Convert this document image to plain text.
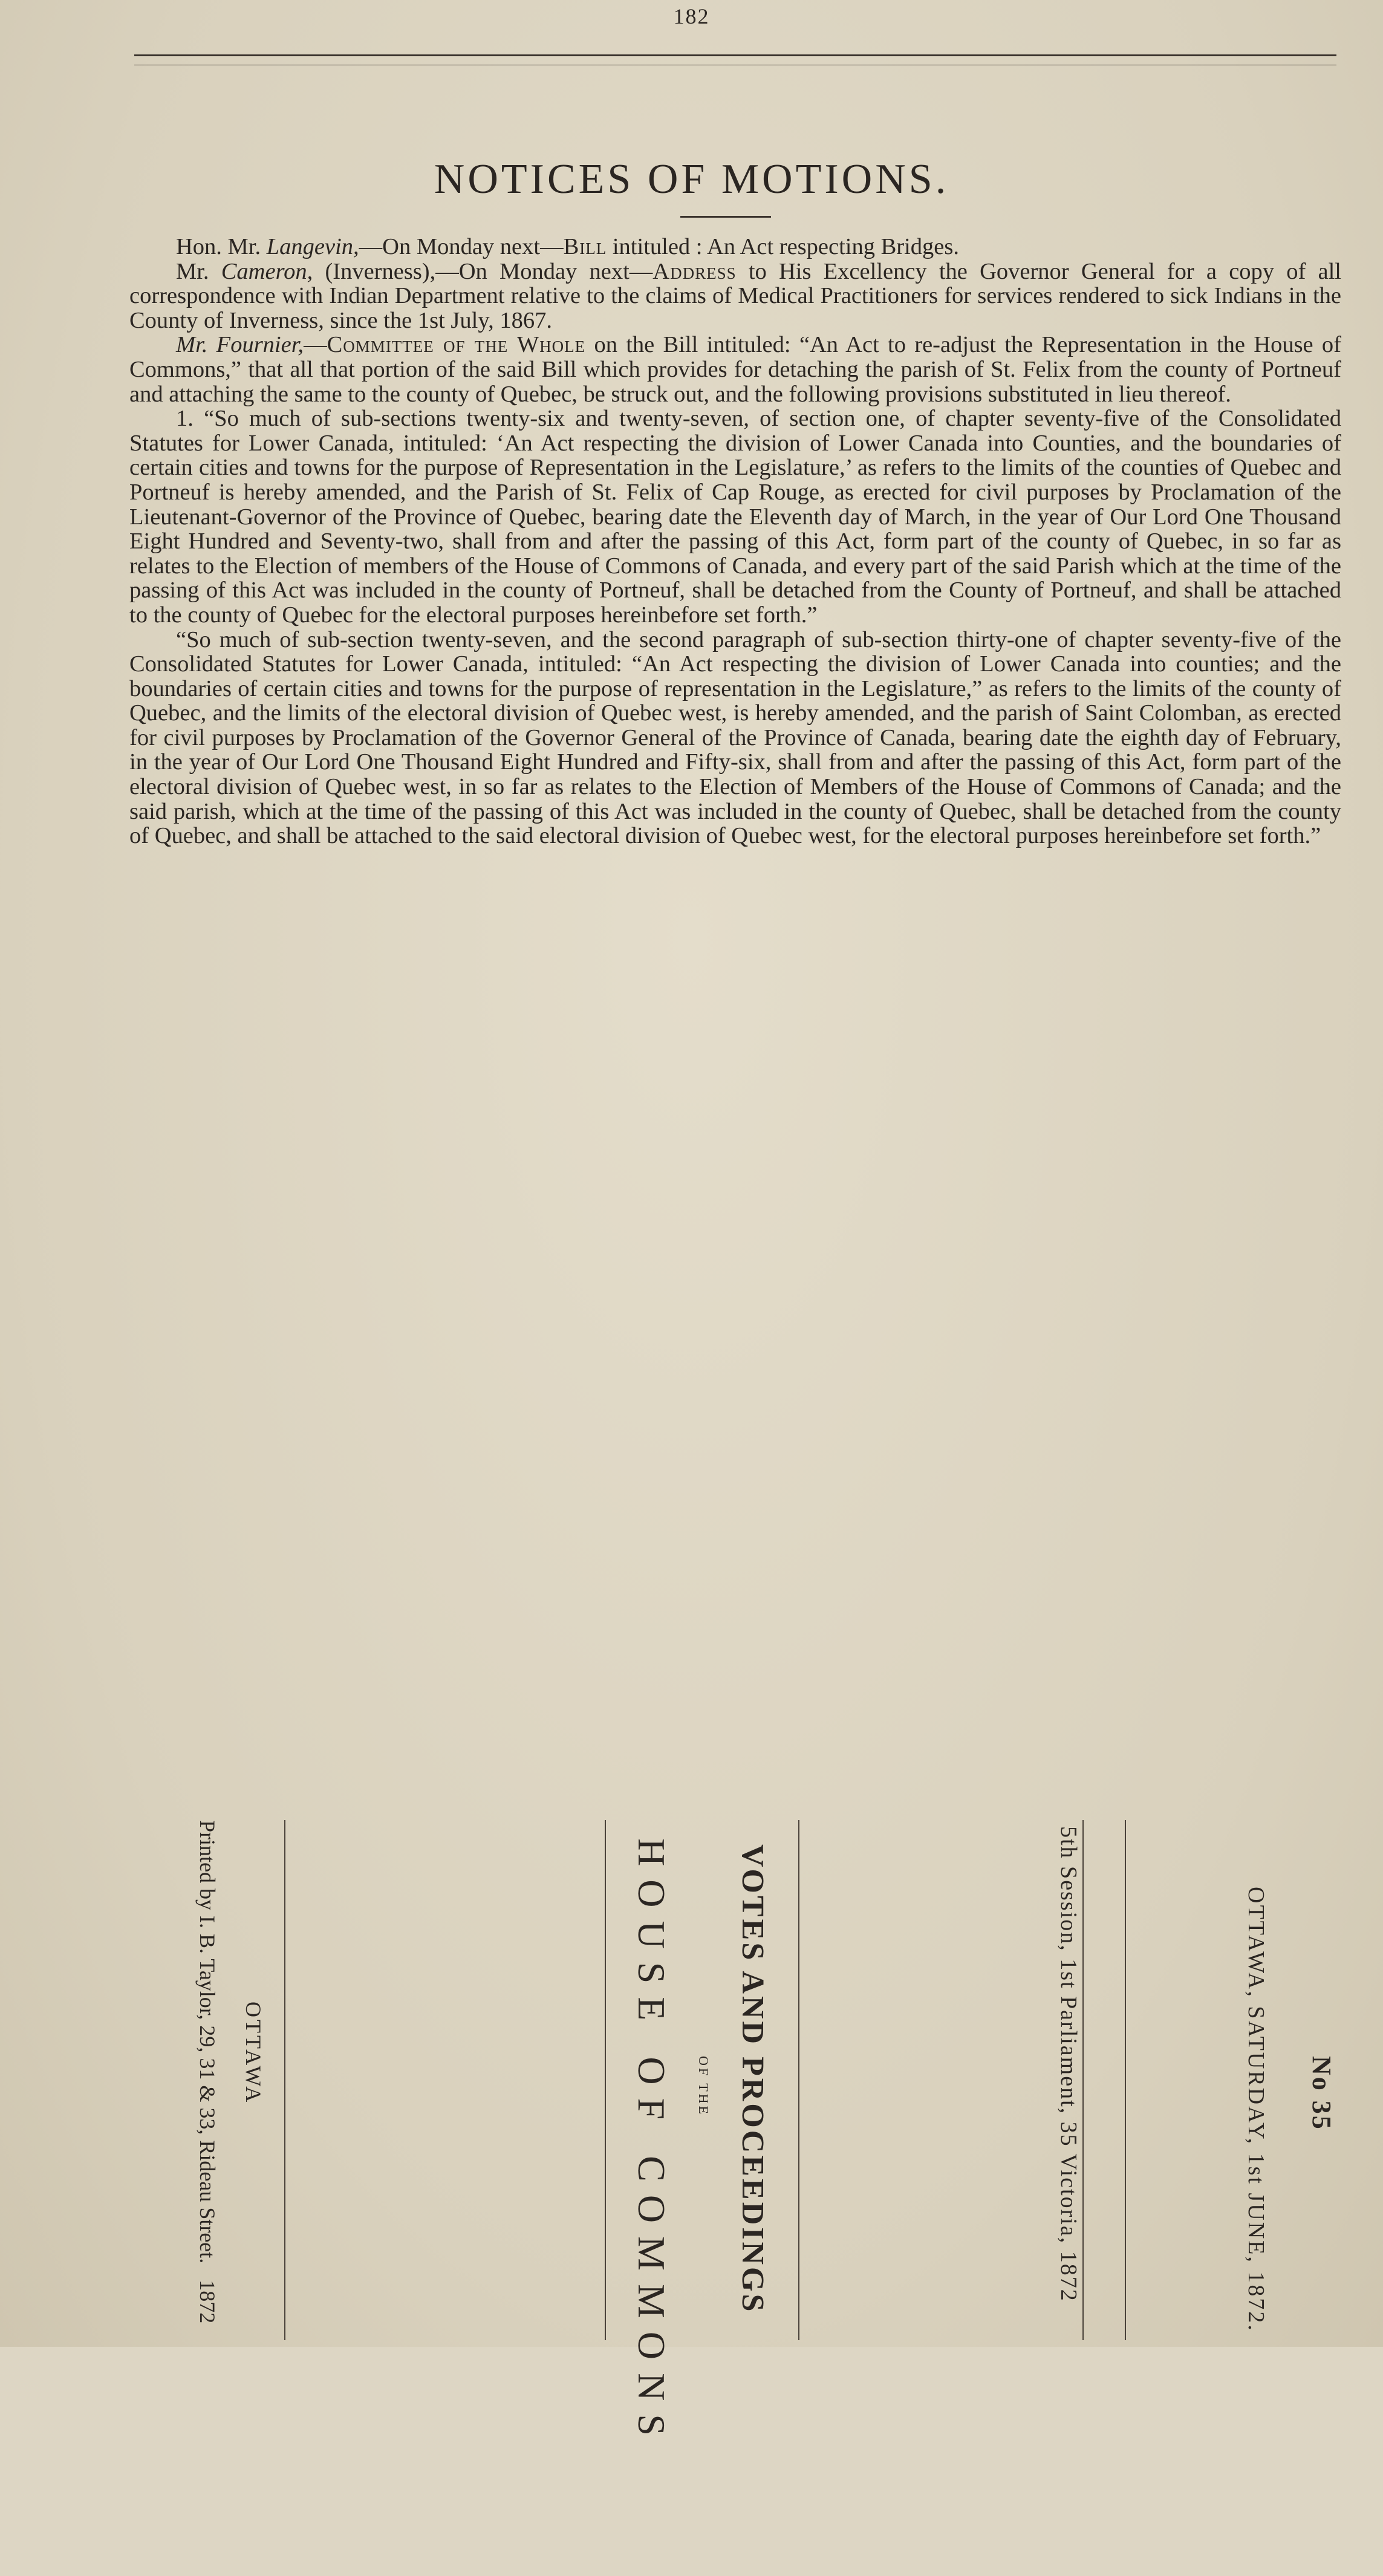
182
NOTICES OF MOTIONS.

Hon. Mr. Langevin,—On Monday next—Bill intituled : An Act respecting Bridges.

Mr. Cameron, (Inverness),—On Monday next—Address to His Excellency the Governor General for a copy of all correspondence with Indian Department relative to the claims of Medical Practitioners for services rendered to sick Indians in the County of Inverness, since the 1st July, 1867.

Mr. Fournier,—Committee of the Whole on the Bill intituled: “An Act to re-adjust the Representation in the House of Commons,” that all that portion of the said Bill which provides for detaching the parish of St. Felix from the county of Portneuf and attaching the same to the county of Quebec, be struck out, and the following provisions substituted in lieu thereof.

1. “So much of sub-sections twenty-six and twenty-seven, of section one, of chapter seventy-five of the Consolidated Statutes for Lower Canada, intituled: ‘An Act respecting the division of Lower Canada into Counties, and the boundaries of certain cities and towns for the purpose of Representation in the Legislature,’ as refers to the limits of the counties of Quebec and Portneuf is hereby amended, and the Parish of St. Felix of Cap Rouge, as erected for civil purposes by Proclamation of the Lieutenant-Governor of the Province of Quebec, bearing date the Eleventh day of March, in the year of Our Lord One Thousand Eight Hundred and Seventy-two, shall from and after the passing of this Act, form part of the county of Quebec, in so far as relates to the Election of members of the House of Commons of Canada, and every part of the said Parish which at the time of the passing of this Act was included in the county of Portneuf, shall be detached from the County of Portneuf, and shall be attached to the county of Quebec for the electoral purposes hereinbefore set forth.”

“So much of sub-section twenty-seven, and the second paragraph of sub-section thirty-one of chapter seventy-five of the Consolidated Statutes for Lower Canada, intituled: “An Act respecting the division of Lower Canada into counties; and the boundaries of certain cities and towns for the purpose of representation in the Legislature,” as refers to the limits of the county of Quebec, and the limits of the electoral division of Quebec west, is hereby amended, and the parish of Saint Colomban, as erected for civil purposes by Proclamation of the Governor General of the Province of Canada, bearing date the eighth day of February, in the year of Our Lord One Thousand Eight Hundred and Fifty-six, shall from and after the passing of this Act, form part of the electoral division of Quebec west, in so far as relates to the Election of Members of the House of Commons of Canada; and the said parish, which at the time of the passing of this Act was included in the county of Quebec, shall be detached from the county of Quebec, and shall be attached to the said electoral division of Quebec west, for the electoral purposes hereinbefore set forth.”

Printed by I. B. Taylor, 29, 31 & 33, Rideau Street.   1872
OTTAWA	HOUSE OF COMMONS OF THE VOTES AND PROCEEDINGS	5th Session, 1st Parliament, 35 Victoria, 1872	OTTAWA, SATURDAY, 1st JUNE, 1872. No 35
